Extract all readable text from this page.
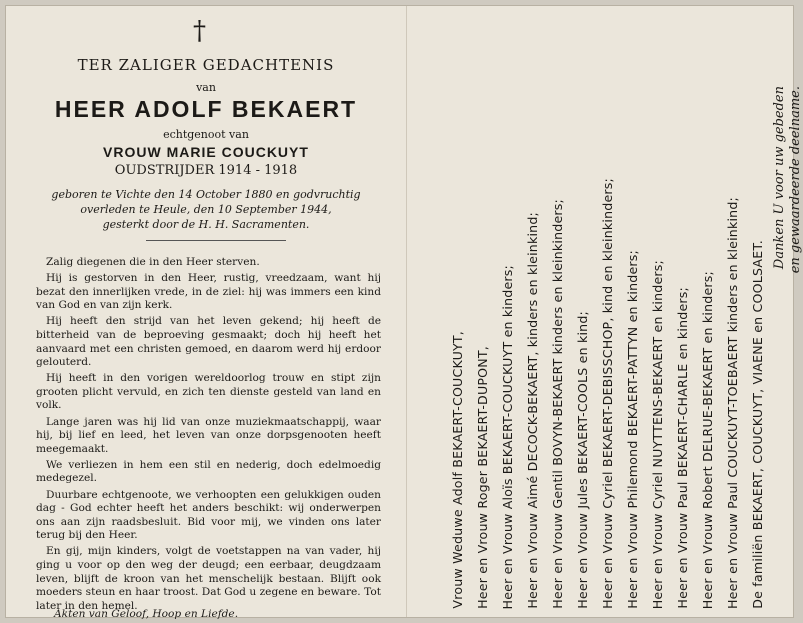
†
TER ZALIGER GEDACHTENIS
van
HEER ADOLF BEKAERT
echtgenoot van
VROUW MARIE COUCKUYT
OUDSTRIJDER 1914 - 1918
geboren te Vichte den 14 October 1880 en godvruchtig
overleden te Heule, den 10 September 1944,
gesterkt door de H. H. Sacramenten.

Zalig diegenen die in den Heer sterven.

Hij is gestorven in den Heer, rustig, vreedzaam, want hij bezat den innerlijken vrede, in de ziel: hij was immers een kind van God en van zijn kerk.

Hij heeft den strijd van het leven gekend; hij heeft de bitterheid van de beproeving gesmaakt; doch hij heeft het aanvaard met een christen gemoed, en daarom werd hij erdoor gelouterd.

Hij heeft in den vorigen wereldoorlog trouw en stipt zijn grooten plicht vervuld, en zich ten dienste gesteld van land en volk.

Lange jaren was hij lid van onze muziekmaatschappij, waar hij, bij lief en leed, het leven van onze dorpsgenooten heeft meegemaakt.

We verliezen in hem een stil en nederig, doch edelmoedig medegezel.

Duurbare echtgenoote, we verhoopten een gelukkigen ouden dag - God echter heeft het anders beschikt: wij onderwerpen ons aan zijn raadsbesluit. Bid voor mij, we vinden ons later terug bij den Heer.

En gij, mijn kinders, volgt de voetstappen na van vader, hij ging u voor op den weg der deugd; een eerbaar, deugdzaam leven, blijft de kroon van het menschelijk bestaan. Blijft ook moeders steun en haar troost. Dat God u zegene en beware. Tot later in den hemel.

Akten van Geloof, Hoop en Liefde.
Vrouw Weduwe Adolf BEKAERT-COUCKUYT, Heer en Vrouw Roger BEKAERT-DUPONT, Heer en Vrouw Aloïs BEKAERT-COUCKUYT en kinders; Heer en Vrouw Aimé DECOCK-BEKAERT, kinders en kleinkind; Heer en Vrouw Gentil BOVYN-BEKAERT kinders en kleinkinders; Heer en Vrouw Jules BEKAERT-COOLS en kind; Heer en Vrouw Cyriel BEKAERT-DEBISSCHOP, kind en kleinkinders; Heer en Vrouw Philemond BEKAERT-PATTYN en kinders; Heer en Vrouw Cyriel NUYTTENS-BEKAERT en kinders; Heer en Vrouw Paul BEKAERT-CHARLE en kinders; Heer en Vrouw Robert DELRUE-BEKAERT en kinders; Heer en Vrouw Paul COUCKUYT-TOEBAERT kinders en kleinkind; De familiën BEKAERT, COUCKUYT, VIAENE en COOLSAET.
Danken U voor uw gebeden en gewaardeerde deelname.
